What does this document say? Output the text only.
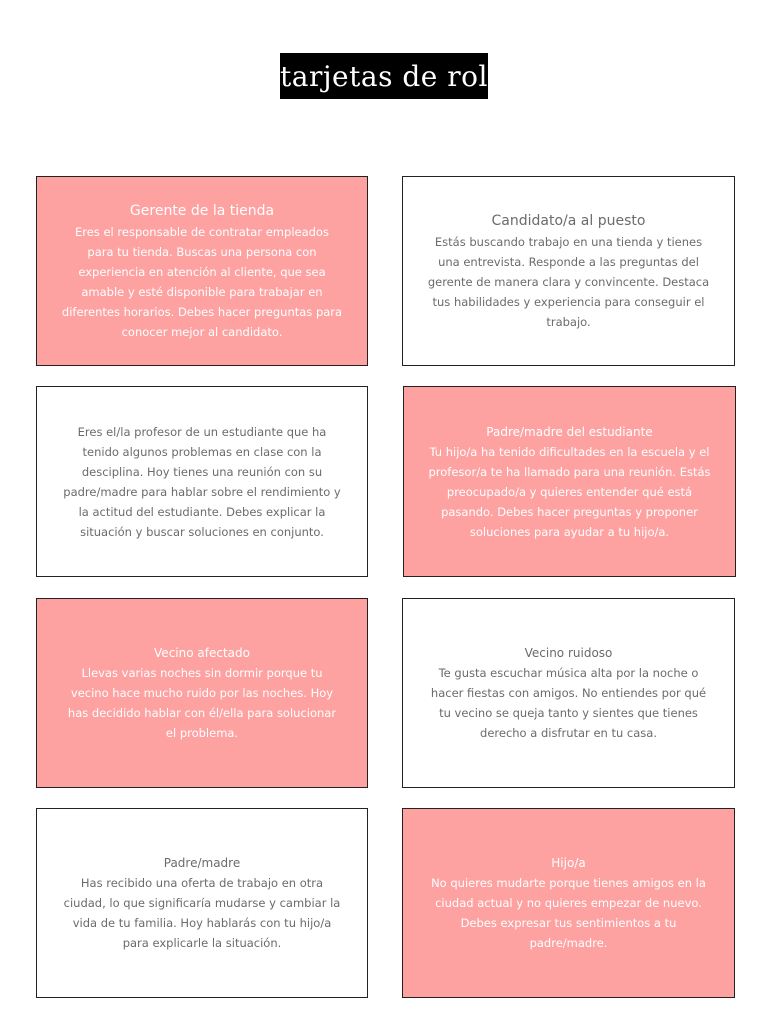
tarjetas de rol
Gerente de la tienda
Eres el responsable de contratar empleados para tu tienda. Buscas una persona con experiencia en atención al cliente, que sea amable y esté disponible para trabajar en diferentes horarios. Debes hacer preguntas para conocer mejor al candidato.
Candidato/a al puesto
Estás buscando trabajo en una tienda y tienes una entrevista. Responde a las preguntas del gerente de manera clara y convincente. Destaca tus habilidades y experiencia para conseguir el trabajo.
Eres el/la profesor de un estudiante que ha tenido algunos problemas en clase con la desciplina. Hoy tienes una reunión con su padre/madre para hablar sobre el rendimiento y la actitud del estudiante. Debes explicar la situación y buscar soluciones en conjunto.
Padre/madre del estudiante
Tu hijo/a ha tenido dificultades en la escuela y el profesor/a te ha llamado para una reunión. Estás preocupado/a y quieres entender qué está pasando. Debes hacer preguntas y proponer soluciones para ayudar a tu hijo/a.
Vecino afectado
Llevas varias noches sin dormir porque tu vecino hace mucho ruido por las noches. Hoy has decidido hablar con él/ella para solucionar el problema.
Vecino ruidoso
Te gusta escuchar música alta por la noche o hacer fiestas con amigos. No entiendes por qué tu vecino se queja tanto y sientes que tienes derecho a disfrutar en tu casa.
Padre/madre
Has recibido una oferta de trabajo en otra ciudad, lo que significaría mudarse y cambiar la vida de tu familia. Hoy hablarás con tu hijo/a para explicarle la situación.
Hijo/a
No quieres mudarte porque tienes amigos en la ciudad actual y no quieres empezar de nuevo. Debes expresar tus sentimientos a tu padre/madre.
